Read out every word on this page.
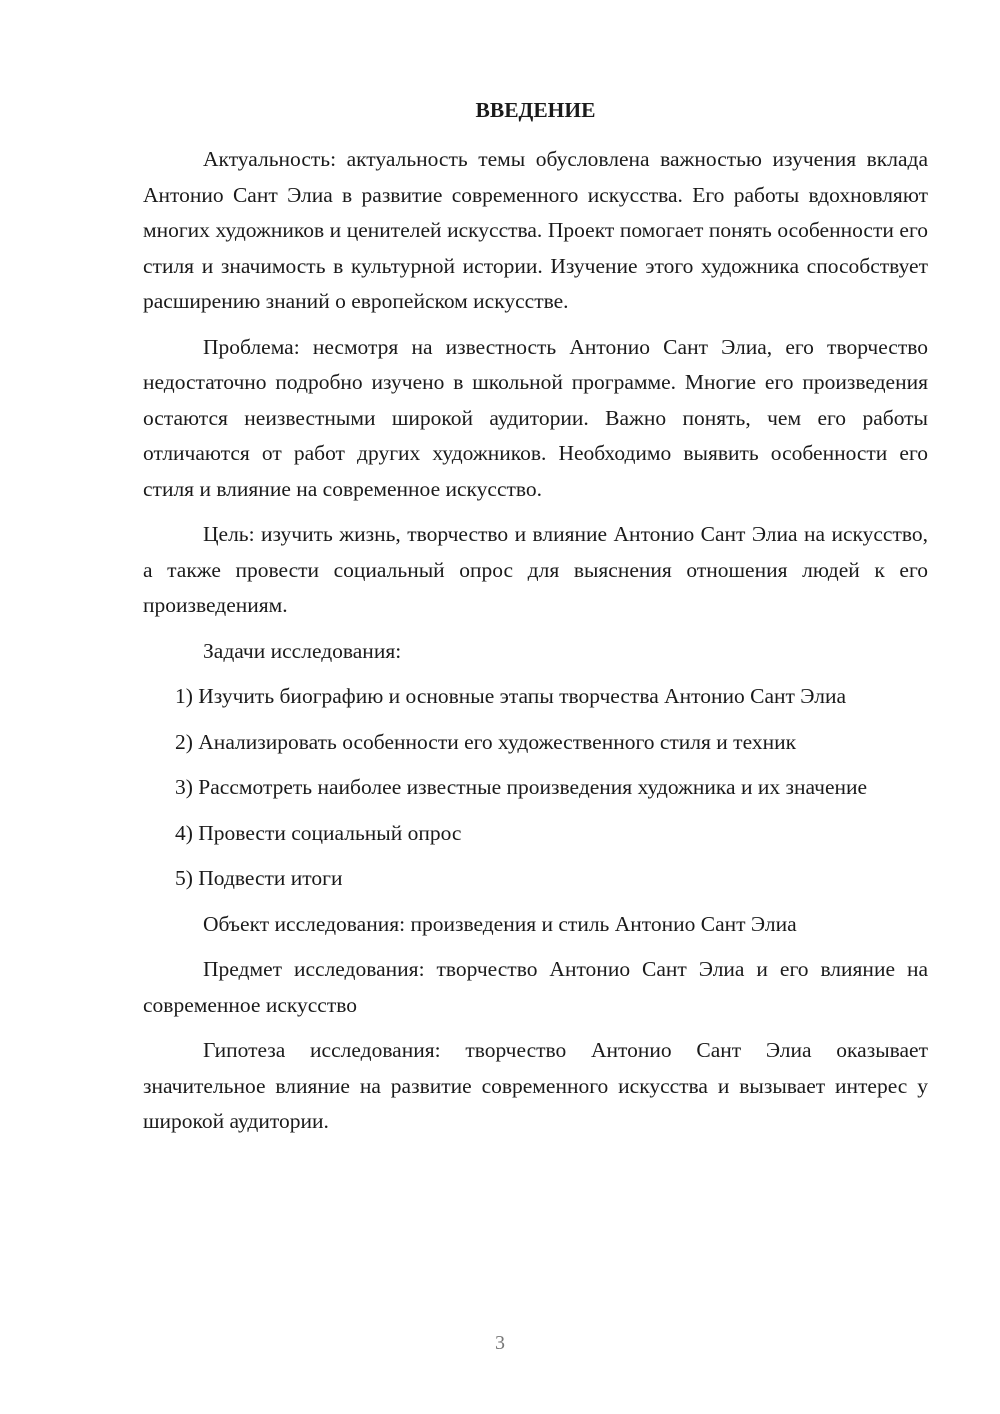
ВВЕДЕНИЕ

Актуальность: актуальность темы обусловлена важностью изучения вклада Антонио Сант Элиа в развитие современного искусства. Его работы вдохновляют многих художников и ценителей искусства. Проект помогает понять особенности его стиля и значимость в культурной истории. Изучение этого художника способствует расширению знаний о европейском искусстве.

Проблема: несмотря на известность Антонио Сант Элиа, его творчество недостаточно подробно изучено в школьной программе. Многие его произведения остаются неизвестными широкой аудитории. Важно понять, чем его работы отличаются от работ других художников. Необходимо выявить особенности его стиля и влияние на современное искусство.

Цель: изучить жизнь, творчество и влияние Антонио Сант Элиа на искусство, а также провести социальный опрос для выяснения отношения людей к его произведениям.

Задачи исследования:

1) Изучить биографию и основные этапы творчества Антонио Сант Элиа

2) Анализировать особенности его художественного стиля и техник

3) Рассмотреть наиболее известные произведения художника и их значение

4) Провести социальный опрос

5) Подвести итоги

Объект исследования: произведения и стиль Антонио Сант Элиа

Предмет исследования: творчество Антонио Сант Элиа и его влияние на современное искусство

Гипотеза исследования: творчество Антонио Сант Элиа оказывает значительное влияние на развитие современного искусства и вызывает интерес у широкой аудитории.

3
